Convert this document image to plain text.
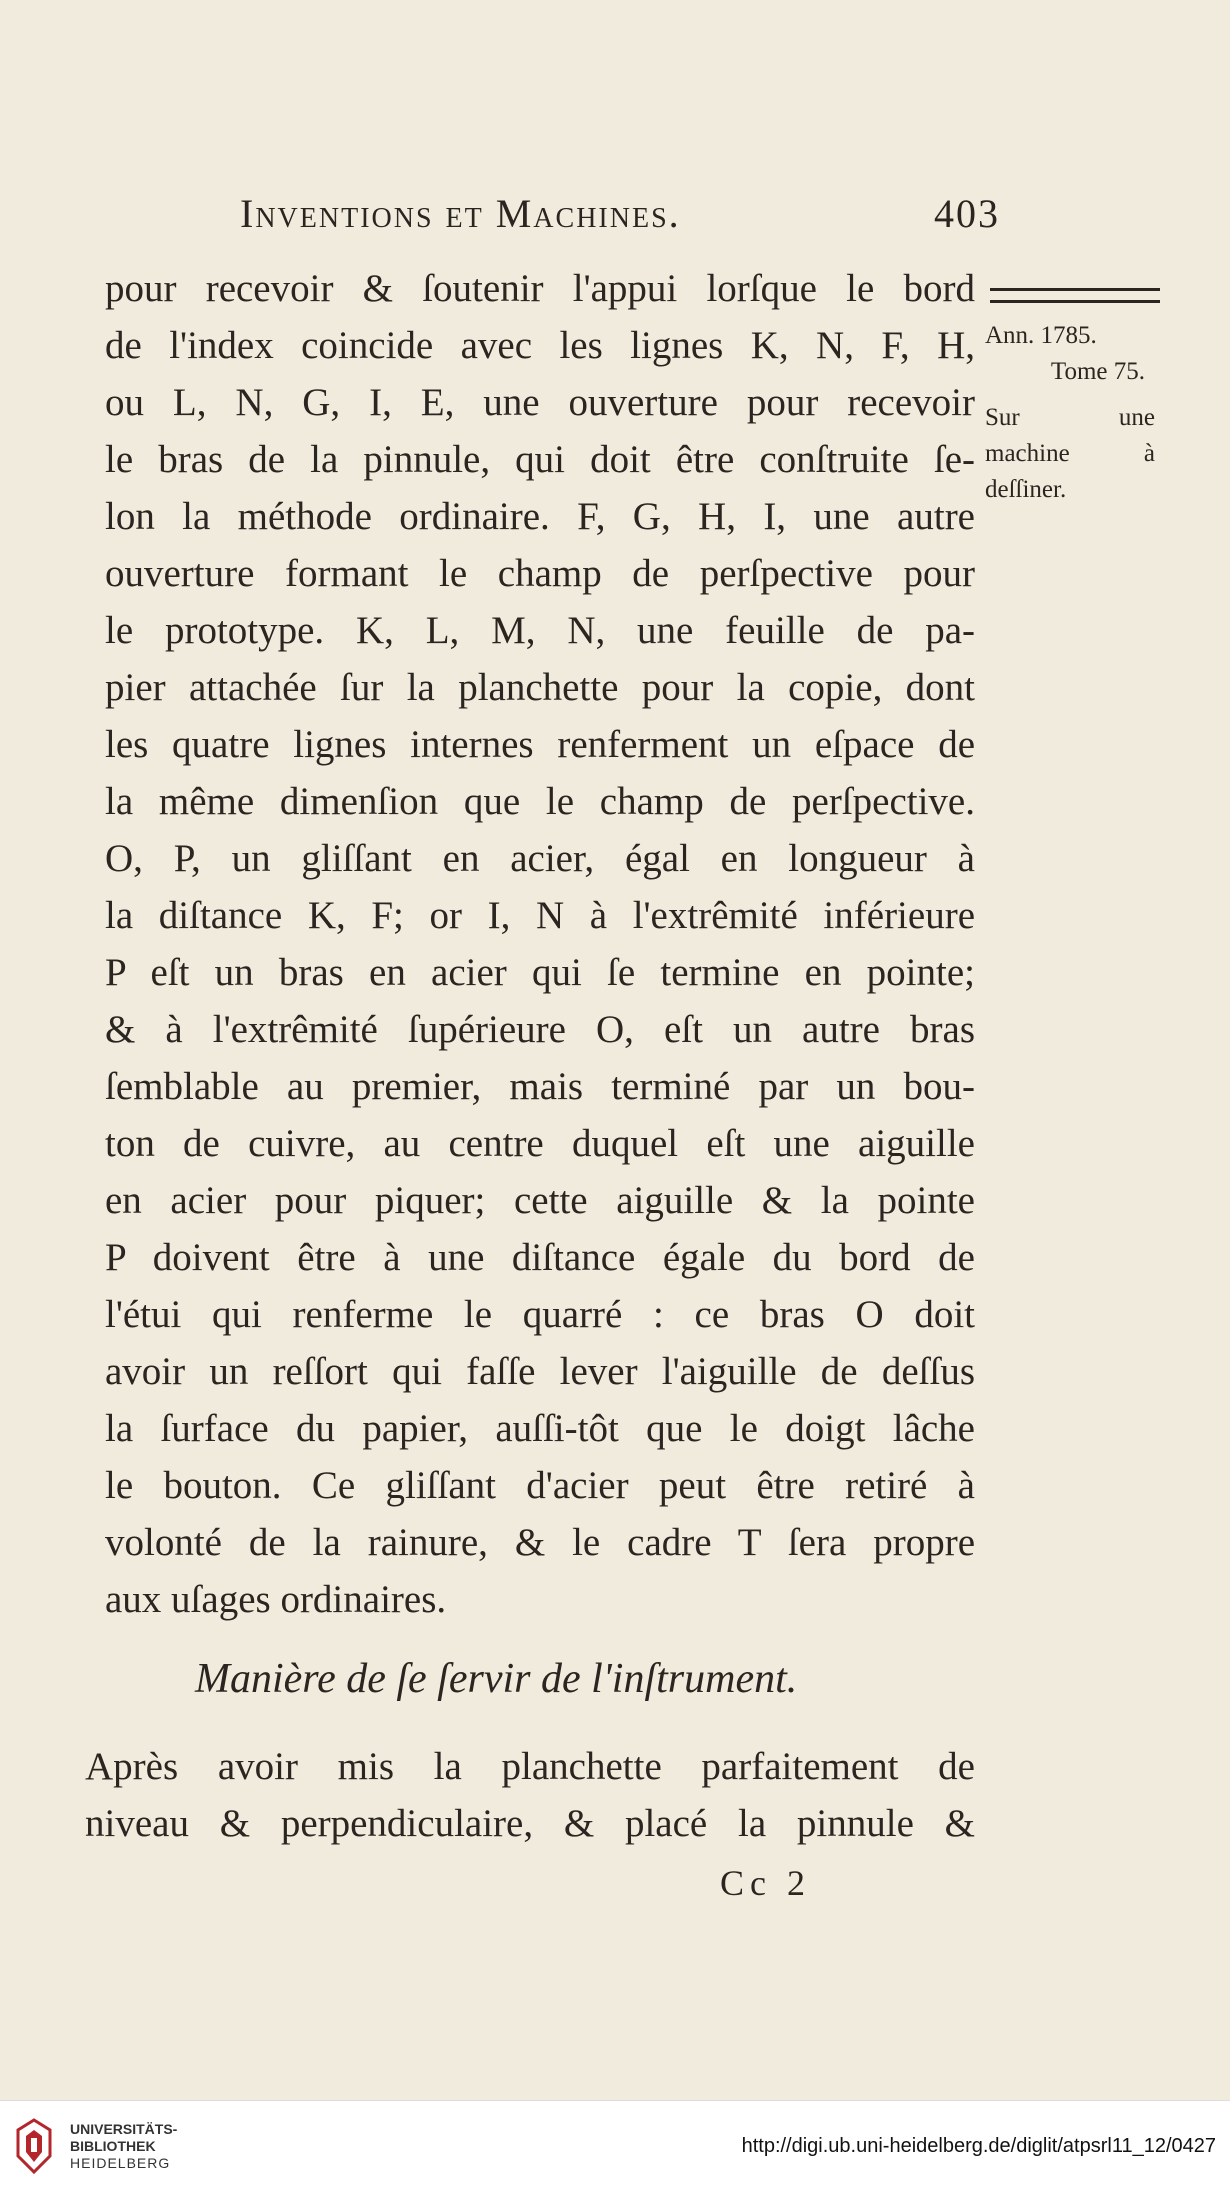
Inventions et Machines.	403
pour recevoir & ſoutenir l'appui lorſque le bord
de l'index coincide avec les lignes K, N, F, H,
ou L, N, G, I, E, une ouverture pour recevoir
le bras de la pinnule, qui doit être conſtruite ſe-
lon la méthode ordinaire. F, G, H, I, une autre
ouverture formant le champ de perſpective pour
le prototype. K, L, M, N, une feuille de pa-
pier attachée ſur la planchette pour la copie, dont
les quatre lignes internes renferment un eſpace de
la même dimenſion que le champ de perſpective.
O, P, un gliſſant en acier, égal en longueur à
la diſtance K, F; or I, N à l'extrêmité inférieure
P eſt un bras en acier qui ſe termine en pointe;
& à l'extrêmité ſupérieure O, eſt un autre bras
ſemblable au premier, mais terminé par un bou-
ton de cuivre, au centre duquel eſt une aiguille
en acier pour piquer; cette aiguille & la pointe
P doivent être à une diſtance égale du bord de
l'étui qui renferme le quarré : ce bras O doit
avoir un reſſort qui faſſe lever l'aiguille de deſſus
la ſurface du papier, auſſi-tôt que le doigt lâche
le bouton. Ce gliſſant d'acier peut être retiré à
volonté de la rainure, & le cadre T ſera propre
aux uſages ordinaires.
Manière de ſe ſervir de l'inſtrument.
Après avoir mis la planchette parfaitement de
niveau & perpendiculaire, & placé la pinnule &
Cc 2
Ann. 1785.
Tome 75.
Sur une
machine à
deſſiner.
UNIVERSITÄTS-
BIBLIOTHEK
HEIDELBERG
http://digi.ub.uni-heidelberg.de/diglit/atpsrl11_12/0427
